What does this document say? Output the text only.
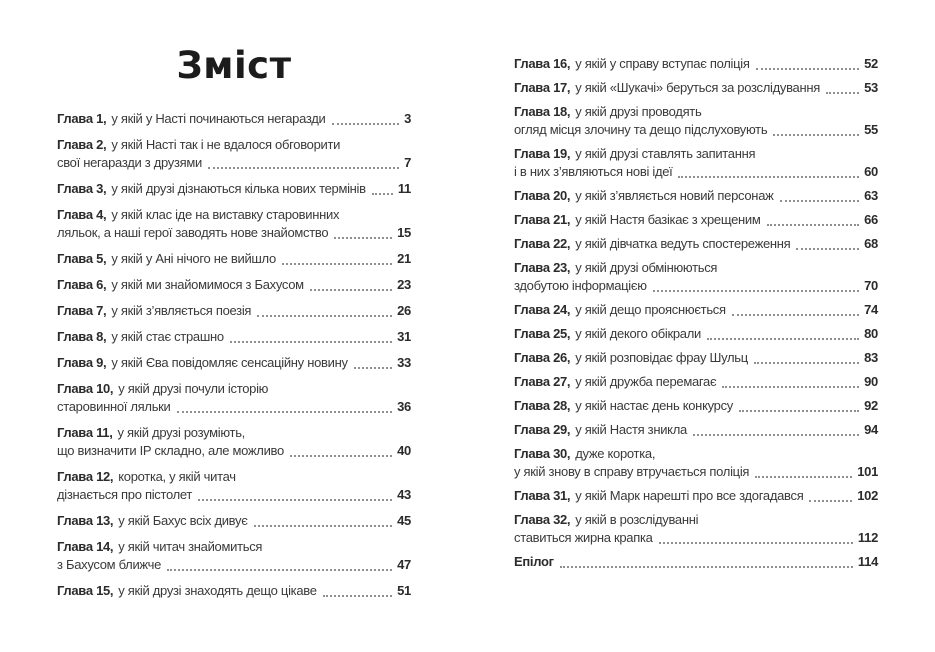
Зміст
Глава 1, у якій у Насті починаються негаразди	3
Глава 2, у якій Насті так і не вдалося обговорити
свої негаразди з друзями	7
Глава 3, у якій друзі дізнаються кілька нових термінів 11
Глава 4, у якій клас іде на виставку старовинних
ляльок, а наші герої заводять нове знайомство	15
Глава 5, у якій у Ані нічого не вийшло	21
Глава 6, у якій ми знайомимося з Бахусом	23
Глава 7, у якій з’являється поезія	26
Глава 8, у якій стає страшно	31
Глава 9, у якій Єва повідомляє сенсаційну новину	33
Глава 10, у якій друзі почули історію
старовинної ляльки	36
Глава 11, у якій друзі розуміють,
що визначити IP складно, але можливо	40
Глава 12, коротка, у якій читач
дізнається про пістолет	43
Глава 13, у якій Бахус всіх дивує	45
Глава 14, у якій читач знайомиться
з Бахусом ближче	47
Глава 15, у якій друзі знаходять дещо цікаве	51
Глава 16, у якій у справу вступає поліція	52
Глава 17, у якій «Шукачі» беруться за розслідування	53
Глава 18, у якій друзі проводять
огляд місця злочину та дещо підслуховують	55
Глава 19, у якій друзі ставлять запитання
і в них з’являються нові ідеї	60
Глава 20, у якій з’являється новий персонаж	63
Глава 21, у якій Настя базікає з хрещеним	66
Глава 22, у якій дівчатка ведуть спостереження	68
Глава 23, у якій друзі обмінюються
здобутою інформацією	70
Глава 24, у якій дещо прояснюється	74
Глава 25, у якій декого обікрали	80
Глава 26, у якій розповідає фрау Шульц	83
Глава 27, у якій дружба перемагає	90
Глава 28, у якій настає день конкурсу	92
Глава 29, у якій Настя зникла	94
Глава 30, дуже коротка,
у якій знову в справу втручається поліція	101
Глава 31, у якій Марк нарешті про все здогадався	102
Глава 32, у якій в розслідуванні
ставиться жирна крапка	112
Епілог	114
